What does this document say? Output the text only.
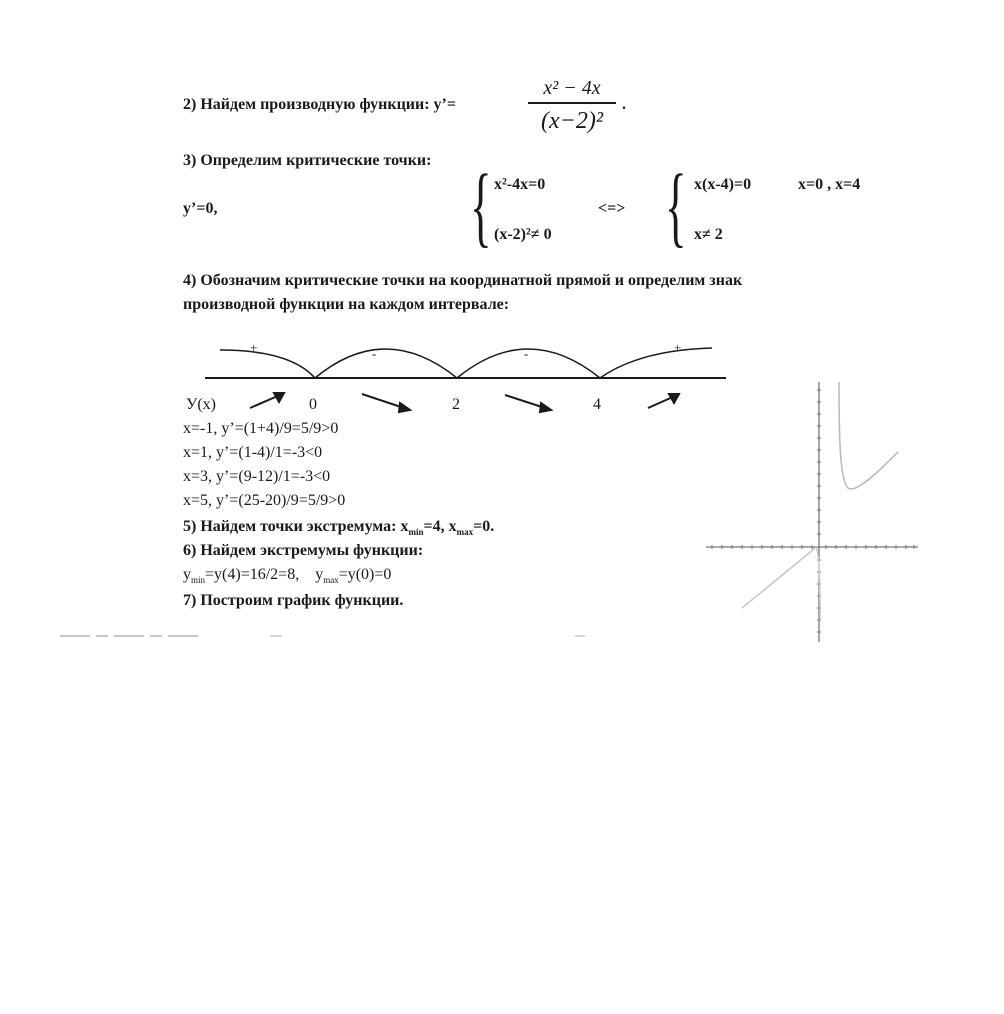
2) Найдем производную функции: y’=
x² − 4x
(x−2)²
.
3) Определим критические точки:
y’=0,	{ x²-4x=0
(x-2)²≠ 0
<=> { x(x-4)=0
x≠ 2
x=0 , x=4
4) Обозначим критические точки на координатной прямой и определим знак
производной функции на каждом интервале:
+	-	-	+
У(x)	0	2	4
x=-1, y’=(1+4)/9=5/9>0
x=1, y’=(1-4)/1=-3<0
x=3, y’=(9-12)/1=-3<0
x=5, y’=(25-20)/9=5/9>0
5) Найдем точки экстремума: $x_{min}=4$, $x_{max}=0$.
6) Найдем экстремумы функции:
$y_{min}=y(4)=16/2=8$, $y_{max}=y(0)=0$
7) Построим график функции.
